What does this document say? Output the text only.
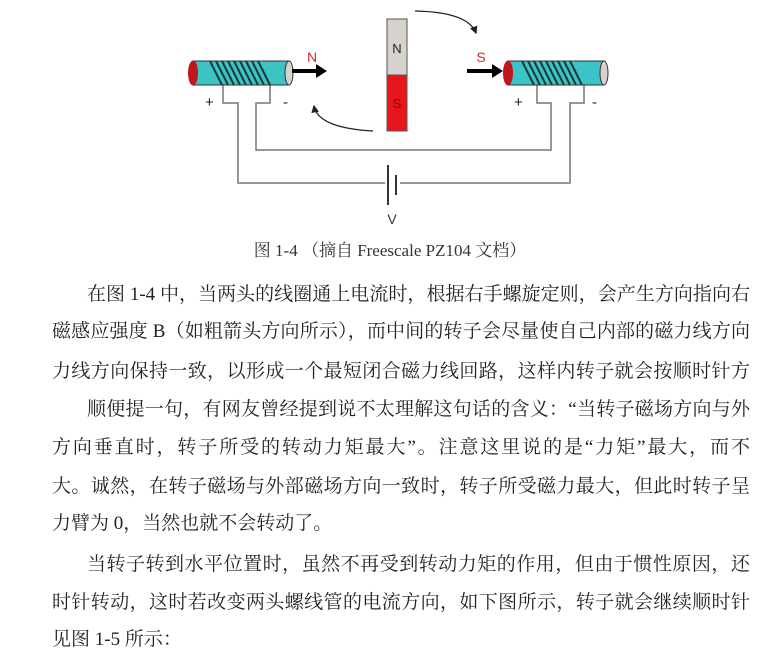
V
+	-	+	-
N	S
N
S
图 1-4 （摘自 Freescale PZ104 文档）
在图 1-4 中，当两头的线圈通上电流时，根据右手螺旋定则，会产生方向指向右
磁感应强度 B（如粗箭头方向所示），而中间的转子会尽量使自己内部的磁力线方向
力线方向保持一致，以形成一个最短闭合磁力线回路，这样内转子就会按顺时针方
顺便提一句，有网友曾经提到说不太理解这句话的含义：“当转子磁场方向与外
方向垂直时，转子所受的转动力矩最大”。注意这里说的是“力矩”最大，而不
大。诚然，在转子磁场与外部磁场方向一致时，转子所受磁力最大，但此时转子呈
力臂为 0，当然也就不会转动了。
当转子转到水平位置时，虽然不再受到转动力矩的作用，但由于惯性原因，还
时针转动，这时若改变两头螺线管的电流方向，如下图所示，转子就会继续顺时针
见图 1-5 所示：
